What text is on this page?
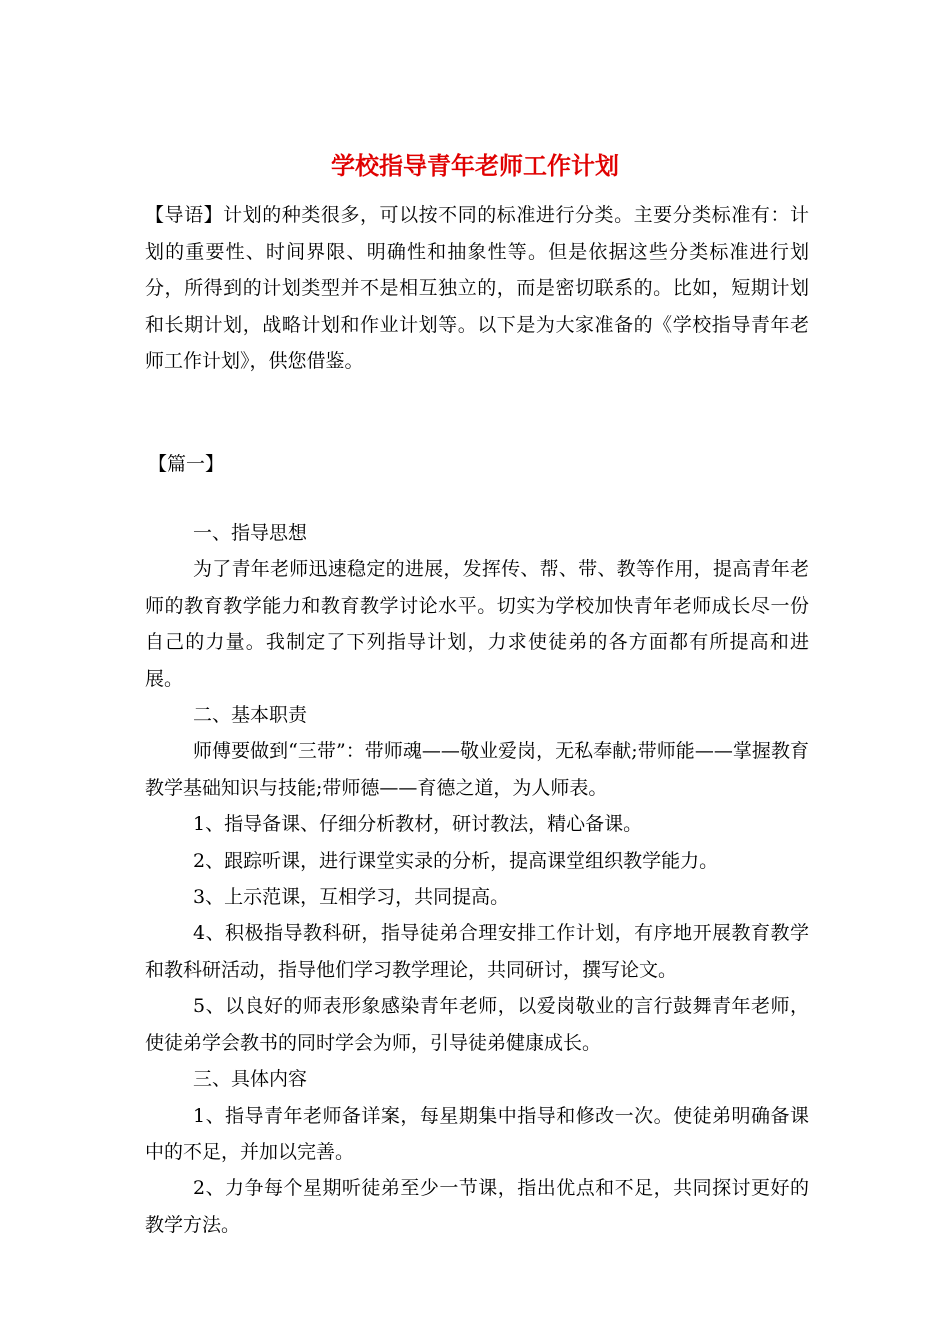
学校指导青年老师工作计划

【导语】计划的种类很多，可以按不同的标准进行分类。主要分类标准有：计划的重要性、时间界限、明确性和抽象性等。但是依据这些分类标准进行划分，所得到的计划类型并不是相互独立的，而是密切联系的。比如，短期计划和长期计划，战略计划和作业计划等。以下是为大家准备的《学校指导青年老师工作计划》，供您借鉴。

【篇一】

一、指导思想

为了青年老师迅速稳定的进展，发挥传、帮、带、教等作用，提高青年老师的教育教学能力和教育教学讨论水平。切实为学校加快青年老师成长尽一份自己的力量。我制定了下列指导计划，力求使徒弟的各方面都有所提高和进展。

二、基本职责

师傅要做到“三带”：带师魂——敬业爱岗，无私奉献;带师能——掌握教育教学基础知识与技能;带师德——育德之道，为人师表。

1、指导备课、仔细分析教材，研讨教法，精心备课。

2、跟踪听课，进行课堂实录的分析，提高课堂组织教学能力。

3、上示范课，互相学习，共同提高。

4、积极指导教科研，指导徒弟合理安排工作计划，有序地开展教育教学和教科研活动，指导他们学习教学理论，共同研讨，撰写论文。

5、以良好的师表形象感染青年老师，以爱岗敬业的言行鼓舞青年老师，使徒弟学会教书的同时学会为师，引导徒弟健康成长。

三、具体内容

1、指导青年老师备详案，每星期集中指导和修改一次。使徒弟明确备课中的不足，并加以完善。

2、力争每个星期听徒弟至少一节课，指出优点和不足，共同探讨更好的教学方法。
